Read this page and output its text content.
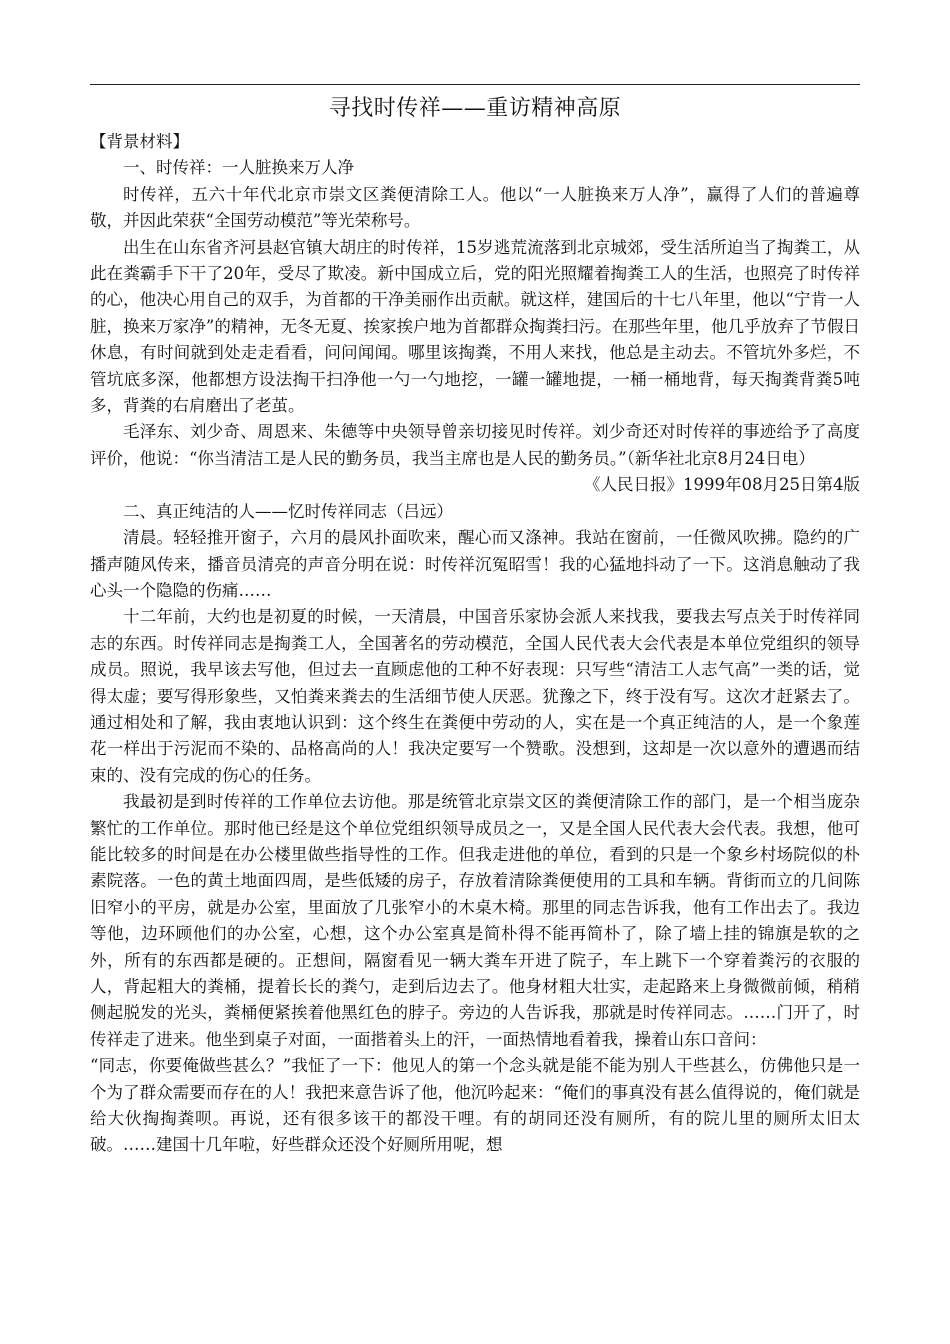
寻找时传祥——重访精神高原

【背景材料】

一、时传祥：一人脏换来万人净

时传祥，五六十年代北京市崇文区粪便清除工人。他以“一人脏换来万人净”，赢得了人们的普遍尊敬，并因此荣获“全国劳动模范”等光荣称号。

出生在山东省齐河县赵官镇大胡庄的时传祥，15岁逃荒流落到北京城郊，受生活所迫当了掏粪工，从此在粪霸手下干了20年，受尽了欺凌。新中国成立后，党的阳光照耀着掏粪工人的生活，也照亮了时传祥的心，他决心用自己的双手，为首都的干净美丽作出贡献。就这样，建国后的十七八年里，他以“宁肯一人脏，换来万家净”的精神，无冬无夏、挨家挨户地为首都群众掏粪扫污。在那些年里，他几乎放弃了节假日休息，有时间就到处走走看看，问问闻闻。哪里该掏粪，不用人来找，他总是主动去。不管坑外多烂，不管坑底多深，他都想方设法掏干扫净他一勺一勺地挖，一罐一罐地提，一桶一桶地背，每天掏粪背粪5吨多，背粪的右肩磨出了老茧。

毛泽东、刘少奇、周恩来、朱德等中央领导曾亲切接见时传祥。刘少奇还对时传祥的事迹给予了高度评价，他说：“你当清洁工是人民的勤务员，我当主席也是人民的勤务员。”（新华社北京8月24日电）

《人民日报》1999年08月25日第4版

二、真正纯洁的人——忆时传祥同志（吕远）

清晨。轻轻推开窗子，六月的晨风扑面吹来，醒心而又涤神。我站在窗前，一任微风吹拂。隐约的广播声随风传来，播音员清亮的声音分明在说：时传祥沉冤昭雪！我的心猛地抖动了一下。这消息触动了我心头一个隐隐的伤痛……

十二年前，大约也是初夏的时候，一天清晨，中国音乐家协会派人来找我，要我去写点关于时传祥同志的东西。时传祥同志是掏粪工人，全国著名的劳动模范，全国人民代表大会代表是本单位党组织的领导成员。照说，我早该去写他，但过去一直顾虑他的工种不好表现：只写些“清洁工人志气高”一类的话，觉得太虚；要写得形象些，又怕粪来粪去的生活细节使人厌恶。犹豫之下，终于没有写。这次才赶紧去了。通过相处和了解，我由衷地认识到：这个终生在粪便中劳动的人，实在是一个真正纯洁的人，是一个象莲花一样出于污泥而不染的、品格高尚的人！我决定要写一个赞歌。没想到，这却是一次以意外的遭遇而结束的、没有完成的伤心的任务。

我最初是到时传祥的工作单位去访他。那是统管北京崇文区的粪便清除工作的部门，是一个相当庞杂繁忙的工作单位。那时他已经是这个单位党组织领导成员之一，又是全国人民代表大会代表。我想，他可能比较多的时间是在办公楼里做些指导性的工作。但我走进他的单位，看到的只是一个象乡村场院似的朴素院落。一色的黄土地面四周，是些低矮的房子，存放着清除粪便使用的工具和车辆。背街而立的几间陈旧窄小的平房，就是办公室，里面放了几张窄小的木桌木椅。那里的同志告诉我，他有工作出去了。我边等他，边环顾他们的办公室，心想，这个办公室真是简朴得不能再简朴了，除了墙上挂的锦旗是软的之外，所有的东西都是硬的。正想间，隔窗看见一辆大粪车开进了院子，车上跳下一个穿着粪污的衣服的人，背起粗大的粪桶，提着长长的粪勺，走到后边去了。他身材粗大壮实，走起路来上身微微前倾，稍稍侧起脱发的光头，粪桶便紧挨着他黑红色的脖子。旁边的人告诉我，那就是时传祥同志。……门开了，时传祥走了进来。他坐到桌子对面，一面揩着头上的汗，一面热情地看着我，操着山东口音问：

“同志，你要俺做些甚么？”我怔了一下：他见人的第一个念头就是能不能为别人干些甚么，仿佛他只是一个为了群众需要而存在的人！我把来意告诉了他，他沉吟起来：“俺们的事真没有甚么值得说的，俺们就是给大伙掏掏粪呗。再说，还有很多该干的都没干哩。有的胡同还没有厕所，有的院儿里的厕所太旧太破。……建国十几年啦，好些群众还没个好厕所用呢，想
